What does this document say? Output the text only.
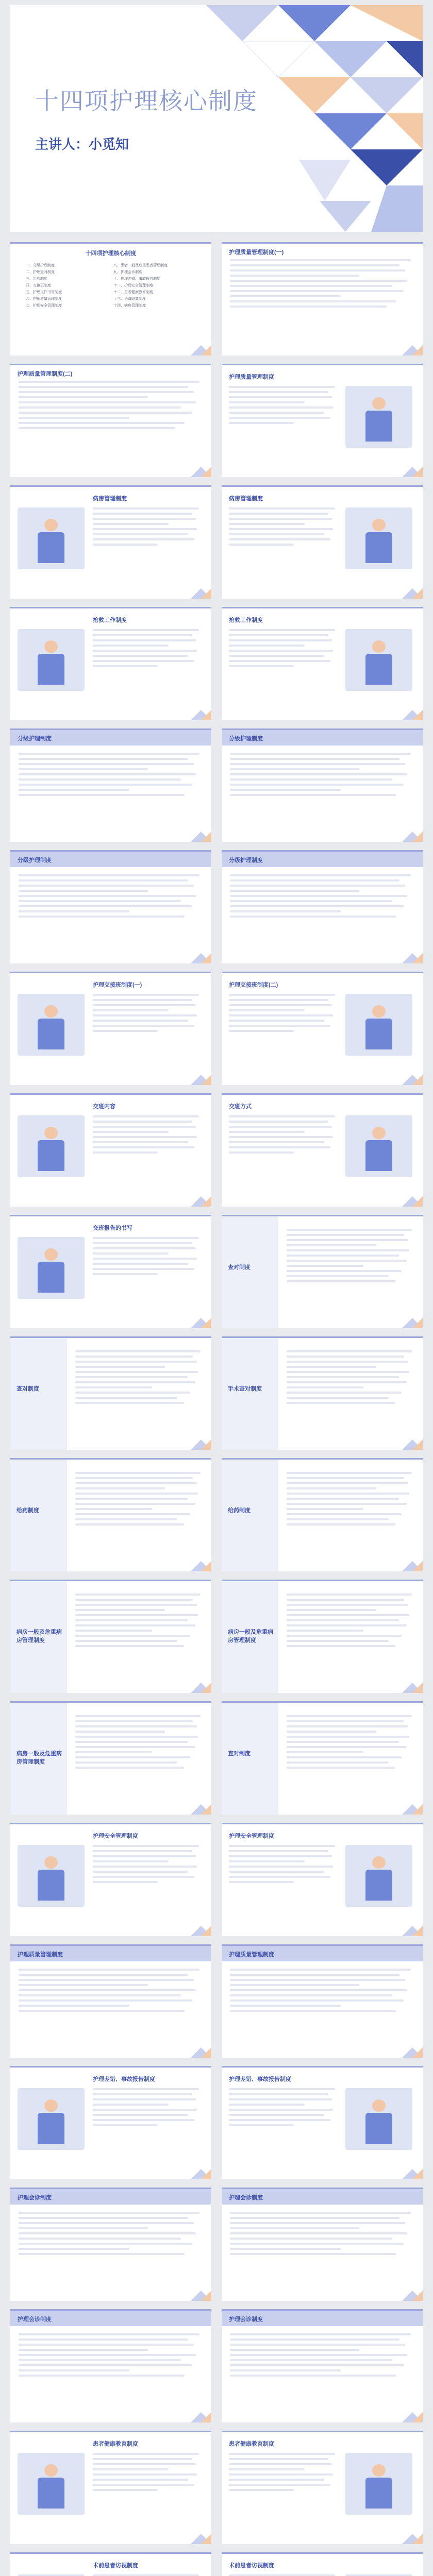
十四项护理核心制度
主讲人：小觅知
十四项护理核心制度
一、分级护理制度
二、护理查对制度
三、给药制度
四、交接班制度
五、护理文件书写制度
六、护理质量管理制度
七、护理安全管理制度
八、患者一般及危重患者管理制度
九、护理会诊制度
十、护理差错、事故报告制度
十一、护理安全管理制度
十二、患者健康教育制度
十三、消毒隔离制度
十四、病房管理制度
护理质量管理制度(一)
护理质量管理制度(二)	护理质量管理制度
病房管理制度	病房管理制度
抢救工作制度	抢救工作制度
分级护理制度	分级护理制度
分级护理制度	分级护理制度
护理交接班制度(一)	护理交接班制度(二)
交班内容	交班方式
交班报告的书写
查对制度
查对制度	手术查对制度
给药制度	给药制度
病房一般及危重病房管理制度
病房一般及危重病房管理制度
病房一般及危重病房管理制度
查对制度
护理安全管理制度	护理安全管理制度
护理质量管理制度	护理质量管理制度
护理差错、事故报告制度	护理差错、事故报告制度
护理会诊制度	护理会诊制度
护理会诊制度	护理会诊制度
患者健康教育制度	患者健康教育制度
术前患者访视制度	术前患者访视制度
